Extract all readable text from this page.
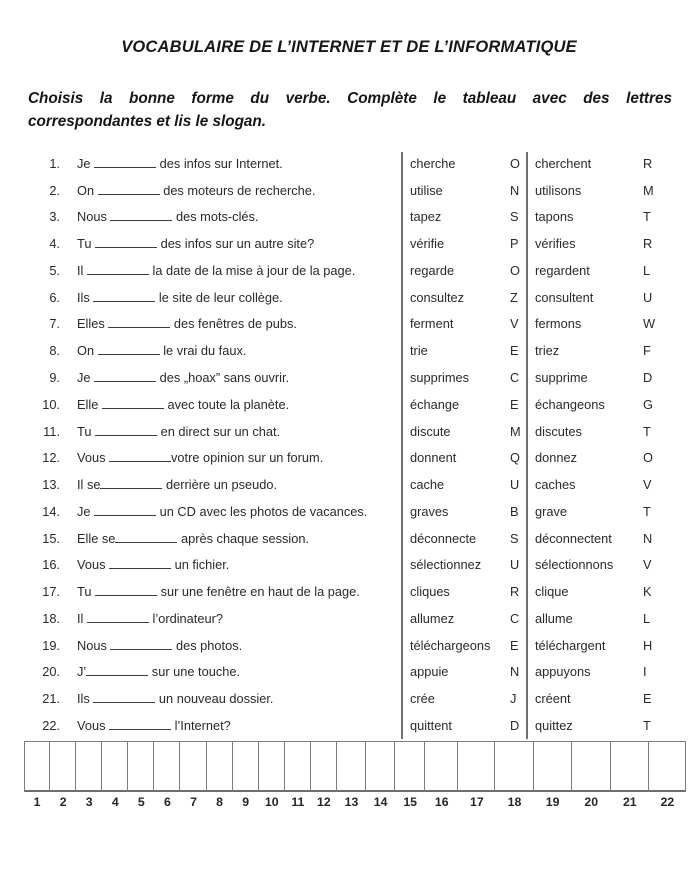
VOCABULAIRE DE L’INTERNET ET DE L’INFORMATIQUE
Choisis la bonne forme du verbe. Complète le tableau avec des lettres
correspondantes et lis le slogan.
1. Je	des infos sur Internet.	cherche	O	cherchent	R
2. On	des moteurs de recherche.	utilise	N	utilisons	M
3. Nous	des mots-clés.	tapez	S	tapons	T
4. Tu	des infos sur un autre site?	vérifie	P	vérifies	R
5. Il	la date de la mise à jour de la page.	regarde	O	regardent	L
6. Ils	le site de leur collège.	consultez	Z	consultent	U
7. Elles	des fenêtres de pubs.	ferment	V	fermons	W
8. On	le vrai du faux.	trie	E	triez	F
9. Je	des „hoax” sans ouvrir.	supprimes	C	supprime	D
10. Elle	avec toute la planète.	échange	E	échangeons	G
11. Tu	en direct sur un chat.	discute	M	discutes	T
12. Vous	votre opinion sur un forum.	donnent	Q	donnez	O
13. Il se	derrière un pseudo.	cache	U	caches	V
14. Je	un CD avec les photos de vacances.	graves	B	grave	T
15. Elle se	après chaque session.	déconnecte	S	déconnectent	N
16. Vous	un fichier.	sélectionnez	U	sélectionnons	V
17. Tu	sur une fenêtre en haut de la page.	cliques	R	clique	K
18. Il	l’ordinateur?	allumez	C	allume	L
19. Nous	des photos.	téléchargeons	E	téléchargent	H
20. J’	sur une touche.	appuie	N	appuyons	I
21. Ils	un nouveau dossier.	crée	J	créent	E
22. Vous	l’Internet?	quittent	D	quittez	T
1	2	3	4	5	6	7	8	9	10	11	12	13	14	15	16	17	18	19	20	21	22
